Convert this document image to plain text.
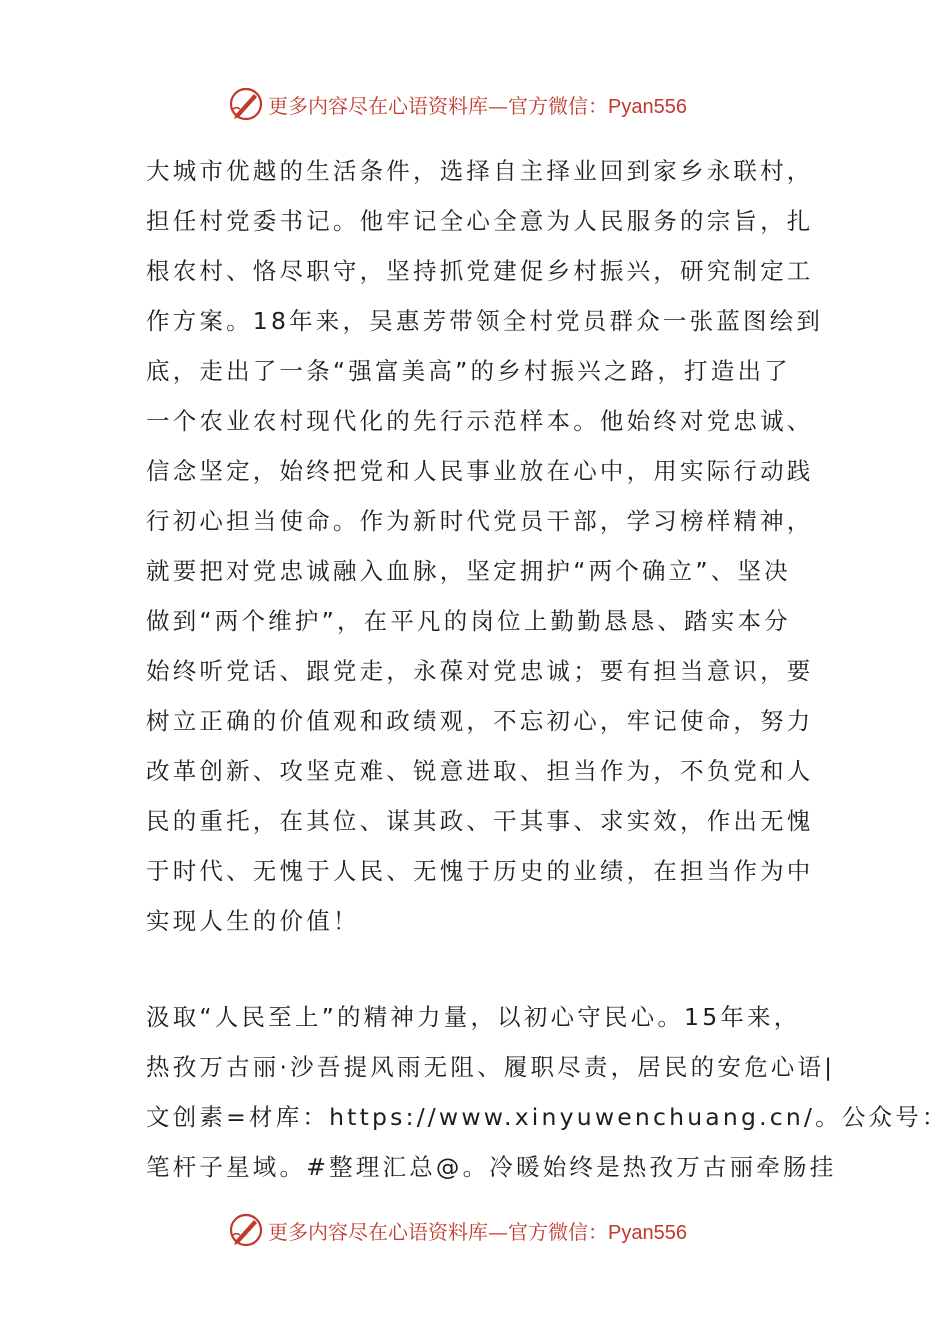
更多内容尽在心语资料库—官方微信：Pyan556
大城市优越的生活条件，选择自主择业回到家乡永联村，
担任村党委书记。他牢记全心全意为人民服务的宗旨，扎
根农村、恪尽职守，坚持抓党建促乡村振兴，研究制定工
作方案。18年来，吴惠芳带领全村党员群众一张蓝图绘到
底，走出了一条“强富美高”的乡村振兴之路，打造出了
一个农业农村现代化的先行示范样本。他始终对党忠诚、
信念坚定，始终把党和人民事业放在心中，用实际行动践
行初心担当使命。作为新时代党员干部，学习榜样精神，
就要把对党忠诚融入血脉，坚定拥护“两个确立”、坚决
做到“两个维护”，在平凡的岗位上勤勤恳恳、踏实本分
始终听党话、跟党走，永葆对党忠诚；要有担当意识，要
树立正确的价值观和政绩观，不忘初心，牢记使命，努力
改革创新、攻坚克难、锐意进取、担当作为，不负党和人
民的重托，在其位、谋其政、干其事、求实效，作出无愧
于时代、无愧于人民、无愧于历史的业绩，在担当作为中
实现人生的价值！
汲取“人民至上”的精神力量，以初心守民心。15年来，
热孜万古丽·沙吾提风雨无阻、履职尽责，居民的安危心语|
文创素=材库：https://www.xinyuwenchuang.cn/。公众号：
笔杆子星域。#整理汇总@。冷暖始终是热孜万古丽牵肠挂
更多内容尽在心语资料库—官方微信：Pyan556
